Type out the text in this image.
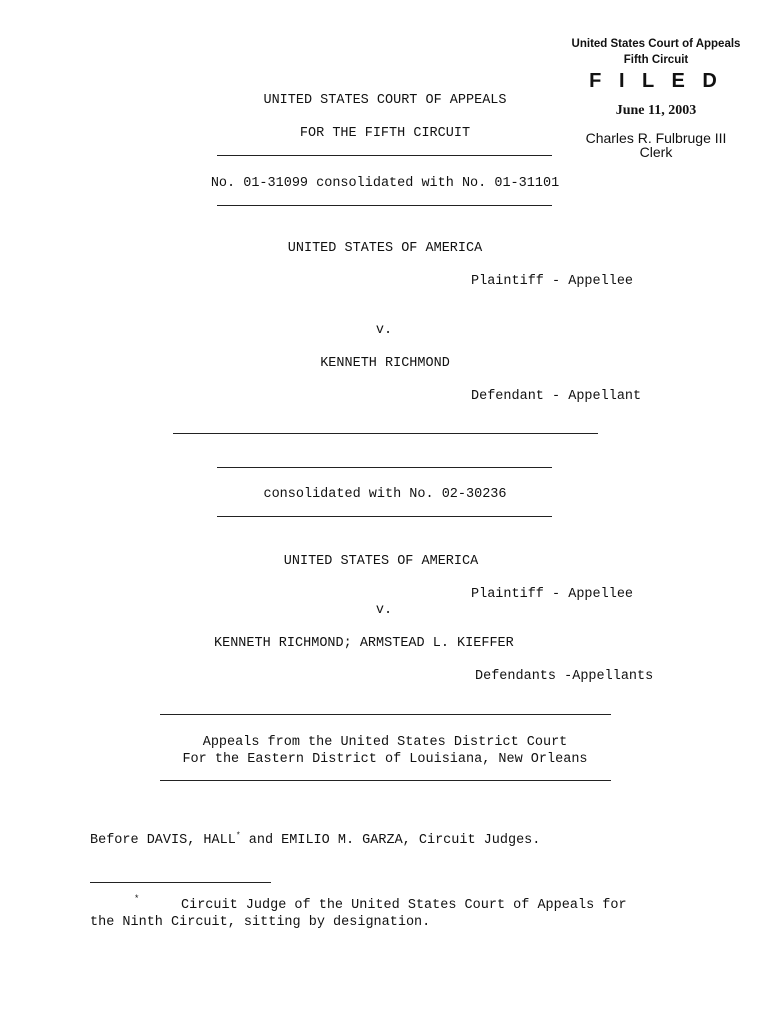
United States Court of Appeals
Fifth Circuit
F I L E D
June 11, 2003
Charles R. Fulbruge III
Clerk
UNITED STATES COURT OF APPEALS
FOR THE FIFTH CIRCUIT
No. 01-31099 consolidated with No. 01-31101
UNITED STATES OF AMERICA
Plaintiff - Appellee
v.
KENNETH RICHMOND
Defendant - Appellant
consolidated with No. 02-30236
UNITED STATES OF AMERICA
Plaintiff - Appellee
v.
KENNETH RICHMOND; ARMSTEAD L. KIEFFER
Defendants -Appellants
Appeals from the United States District Court
For the Eastern District of Louisiana, New Orleans
Before DAVIS, HALL* and EMILIO M. GARZA, Circuit Judges.
*	Circuit Judge of the United States Court of Appeals for
the Ninth Circuit, sitting by designation.
